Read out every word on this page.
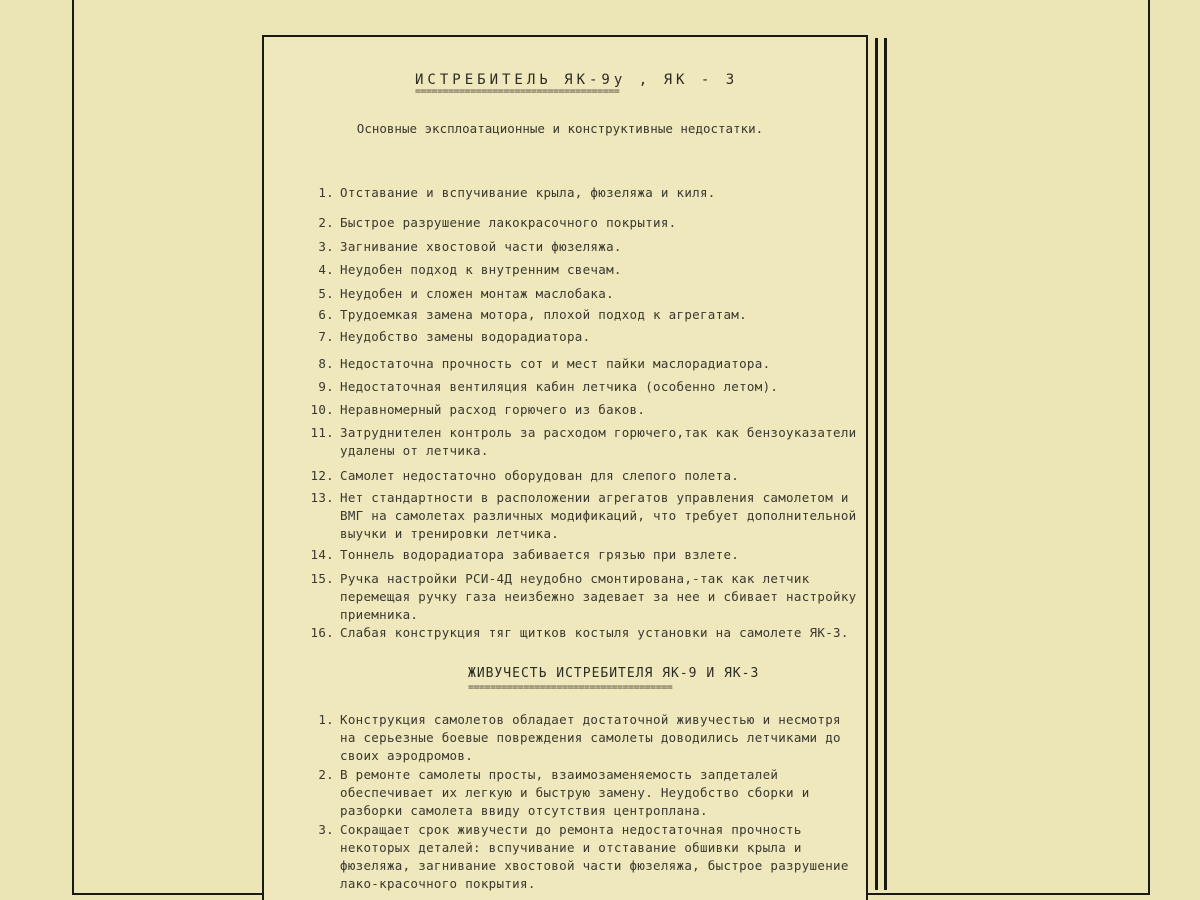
ИСТРЕБИТЕЛЬ ЯК-9у , ЯК - 3
=====================================
Основные эксплоатационные и конструктивные недостатки.
1. Отставание и вспучивание крыла, фюзеляжа и киля.
2. Быстрое разрушение лакокрасочного покрытия.
3. Загнивание хвостовой части фюзеляжа.
4. Неудобен подход к внутренним свечам.
5. Неудобен и сложен монтаж маслобака.
6. Трудоемкая замена мотора, плохой подход к агрегатам.
7. Неудобство замены водорадиатора.
8. Недостаточна прочность сот и мест пайки маслорадиатора.
9. Недостаточная вентиляция кабин летчика (особенно летом).
10. Неравномерный расход горючего из баков.
11. Затруднителен контроль за расходом горючего,так как бензоуказатели удалены от летчика.
12. Самолет недостаточно оборудован для слепого полета.
13. Нет стандартности в расположении агрегатов управления самолетом и ВМГ на самолетах различных модификаций, что требует дополнительной выучки и тренировки летчика.
14. Тоннель водорадиатора забивается грязью при взлете.
15. Ручка настройки РСИ-4Д неудобно смонтирована,-так как летчик перемещая ручку газа неизбежно задевает за нее и сбивает настройку приемника.
16. Слабая конструкция тяг щитков костыля установки на самолете ЯК-3.
ЖИВУЧЕСТЬ ИСТРЕБИТЕЛЯ ЯК-9 И ЯК-3
=====================================
1. Конструкция самолетов обладает достаточной живучестью и несмотря на серьезные боевые повреждения самолеты доводились летчиками до своих аэродромов.
2. В ремонте самолеты просты, взаимозаменяемость запдеталей обеспечивает их легкую и быструю замену. Неудобство сборки и разборки самолета ввиду отсутствия центроплана.
3. Сокращает срок живучести до ремонта недостаточная прочность некоторых деталей: вспучивание и отставание обшивки крыла и фюзеляжа, загнивание хвостовой части фюзеляжа, быстрое разрушение лако-красочного покрытия.
